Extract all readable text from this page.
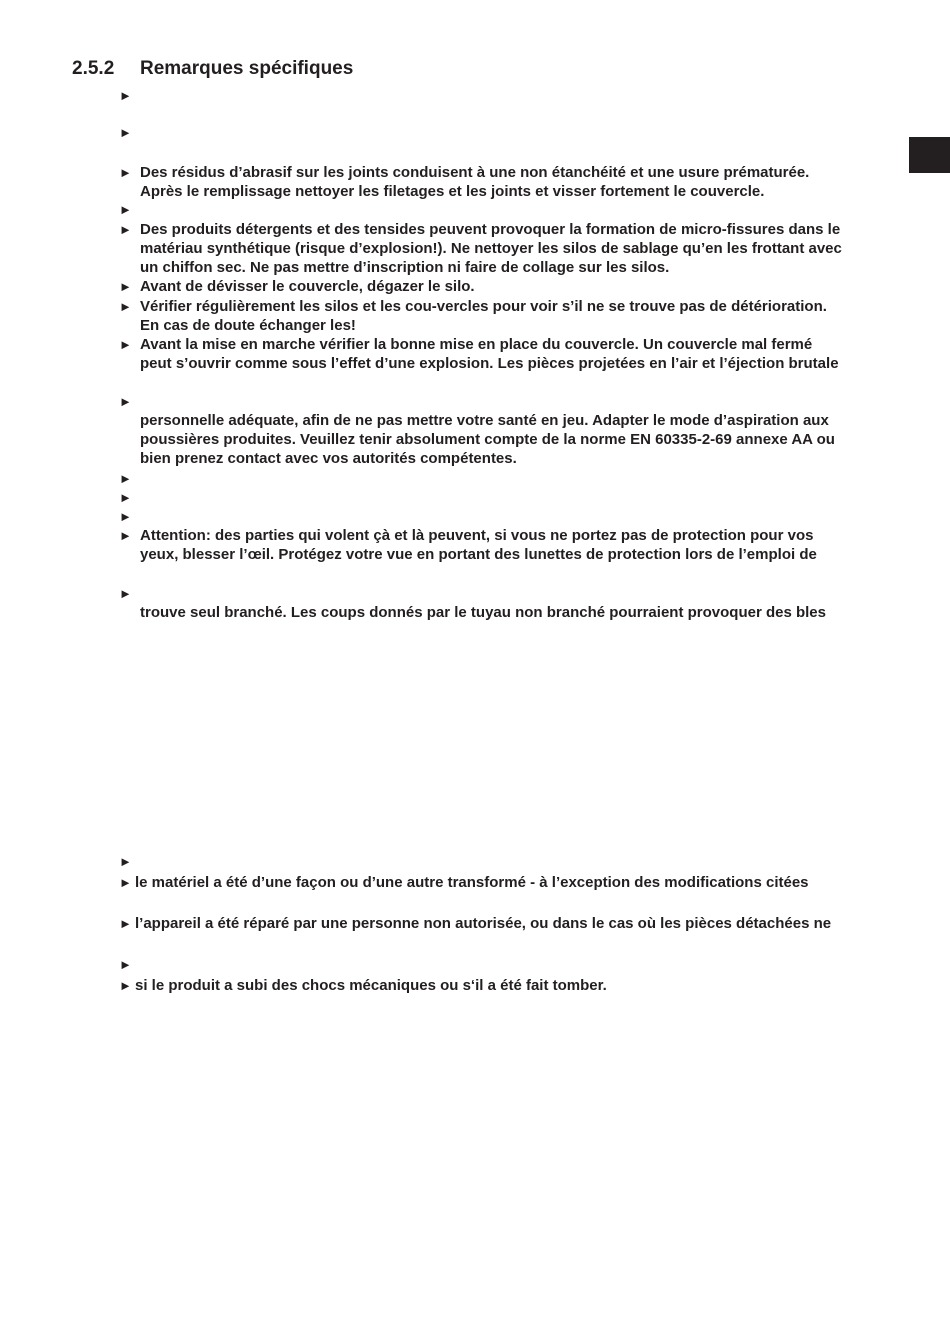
2.5.2 Remarques spécifiques
►
►
► Des résidus d’abrasif sur les joints conduisent à une non étanchéité et une usure prématurée.
Après le remplissage nettoyer les filetages et les joints et visser fortement le couvercle.
►
► Des produits détergents et des tensides peuvent provoquer la formation de micro-fissures dans le
matériau synthétique (risque d’explosion!). Ne nettoyer les silos de sablage qu’en les frottant avec
un chiffon sec. Ne pas mettre d’inscription ni faire de collage sur les silos.
► Avant de dévisser le couvercle, dégazer le silo.
► Vérifier régulièrement les silos et les cou-vercles pour voir s’il ne se trouve pas de détérioration.
En cas de doute échanger les!
► Avant la mise en marche vérifier la bonne mise en place du couvercle. Un couvercle mal fermé
peut s’ouvrir comme sous l’effet d’une explosion. Les pièces projetées en l’air et l’éjection brutale
►
personnelle adéquate, afin de ne pas mettre votre santé en jeu. Adapter le mode d’aspiration aux
poussières produites. Veuillez tenir absolument compte de la norme EN 60335-2-69 annexe AA ou
bien prenez contact avec vos autorités compétentes.
►
►
►
► Attention: des parties qui volent çà et là peuvent, si vous ne portez pas de protection pour vos
yeux, blesser l’œil. Protégez votre vue en portant des lunettes de protection lors de l’emploi de
►
trouve seul branché. Les coups donnés par le tuyau non branché pourraient provoquer des bles
►
► le matériel a été d’une façon ou d’une autre transformé - à l’exception des modifications citées
► l’appareil a été réparé par une personne non autorisée, ou dans le cas où les pièces détachées ne
►
► si le produit a subi des chocs mécaniques ou s‘il a été fait tomber.
